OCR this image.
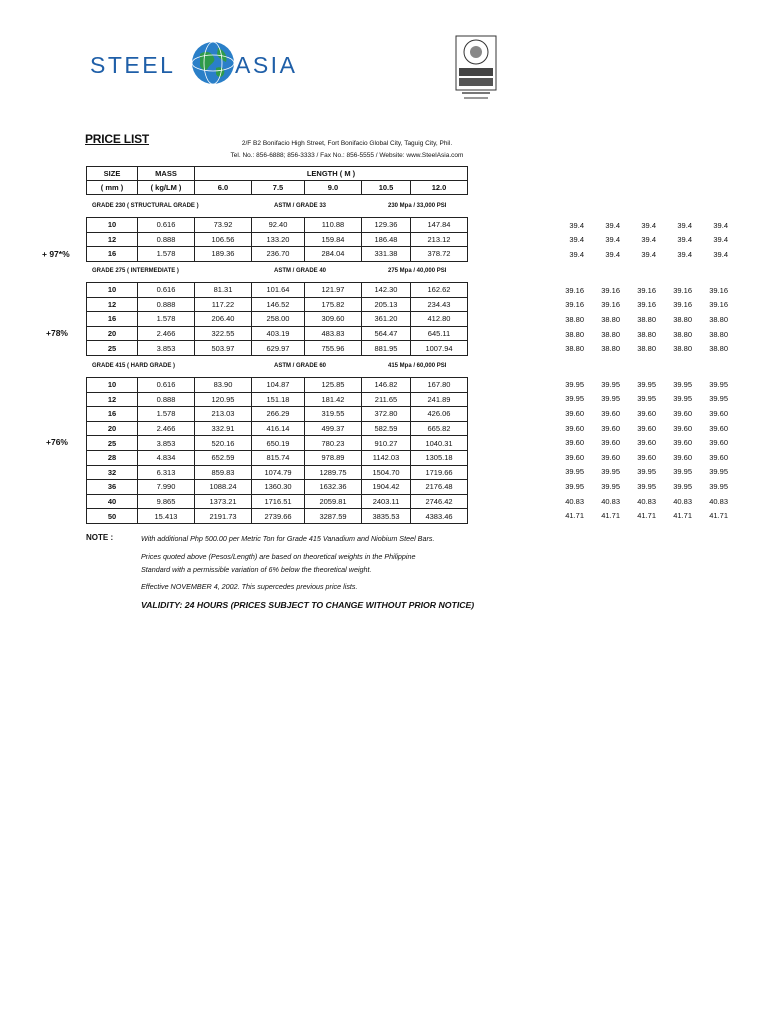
STEEL	ASIA
PRICE LIST	2/F B2 Bonifacio High Street, Fort Bonifacio Global City, Taguig City, Phil.
Tel. No.: 856-6888; 856-3333 / Fax No.: 856-5555 / Website: www.SteelAsia.com
SIZE	MASS	LENGTH ( M )				
( mm )	( kg/LM )	6.0	7.5	9.0	10.5	12.0
GRADE 230 ( STRUCTURAL GRADE )	ASTM / GRADE 33	230 Mpa / 33,000 PSI
GRADE 275 ( INTERMEDIATE )	ASTM / GRADE 40	275 Mpa / 40,000 PSI
GRADE 415 ( HARD GRADE )	ASTM / GRADE 60	415 Mpa / 60,000 PSI
10	0.616	73.92	92.40	110.88	129.36	147.84
12	0.888	106.56	133.20	159.84	186.48	213.12
16	1.578	189.36	236.70	284.04	331.38	378.72
10	0.616	81.31	101.64	121.97	142.30	162.62
12	0.888	117.22	146.52	175.82	205.13	234.43
16	1.578	206.40	258.00	309.60	361.20	412.80
20	2.466	322.55	403.19	483.83	564.47	645.11
25	3.853	503.97	629.97	755.96	881.95	1007.94
10	0.616	83.90	104.87	125.85	146.82	167.80
12	0.888	120.95	151.18	181.42	211.65	241.89
16	1.578	213.03	266.29	319.55	372.80	426.06
20	2.466	332.91	416.14	499.37	582.59	665.82
25	3.853	520.16	650.19	780.23	910.27	1040.31
28	4.834	652.59	815.74	978.89	1142.03	1305.18
32	6.313	859.83	1074.79	1289.75	1504.70	1719.66
36	7.990	1088.24	1360.30	1632.36	1904.42	2176.48
40	9.865	1373.21	1716.51	2059.81	2403.11	2746.42
50	15.413	2191.73	2739.66	3287.59	3835.53	4383.46
+ 97*%
+78%
+76%
39.4	39.4	39.4	39.4	39.4
39.4	39.4	39.4	39.4	39.4
39.4	39.4	39.4	39.4	39.4
39.16	39.16	39.16	39.16	39.16
39.16	39.16	39.16	39.16	39.16
38.80	38.80	38.80	38.80	38.80
38.80	38.80	38.80	38.80	38.80
38.80	38.80	38.80	38.80	38.80
39.95	39.95	39.95	39.95	39.95
39.95	39.95	39.95	39.95	39.95
39.60	39.60	39.60	39.60	39.60
39.60	39.60	39.60	39.60	39.60
39.60	39.60	39.60	39.60	39.60
39.60	39.60	39.60	39.60	39.60
39.95	39.95	39.95	39.95	39.95
39.95	39.95	39.95	39.95	39.95
40.83	40.83	40.83	40.83	40.83
41.71	41.71	41.71	41.71	41.71
NOTE :	With additional Php 500.00 per Metric Ton for Grade 415 Vanadium and Niobium Steel Bars.
Prices quoted above (Pesos/Length) are based on theoretical weights in the Philippine
Standard with a permissible variation of 6% below the theoretical weight.
Effective NOVEMBER 4, 2002. This supercedes previous price lists.
VALIDITY: 24 HOURS (PRICES SUBJECT TO CHANGE WITHOUT PRIOR NOTICE)
